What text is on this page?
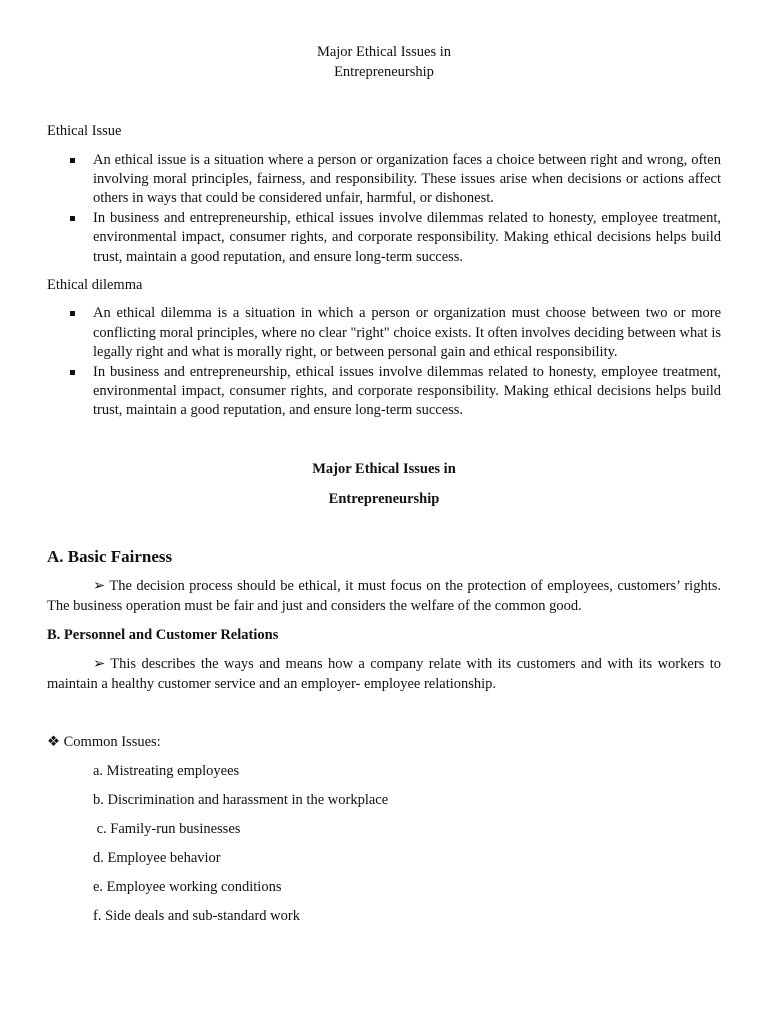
Major Ethical Issues in
Entrepreneurship

Ethical Issue

An ethical issue is a situation where a person or organization faces a choice between right and wrong, often involving moral principles, fairness, and responsibility. These issues arise when decisions or actions affect others in ways that could be considered unfair, harmful, or dishonest.
In business and entrepreneurship, ethical issues involve dilemmas related to honesty, employee treatment, environmental impact, consumer rights, and corporate responsibility. Making ethical decisions helps build trust, maintain a good reputation, and ensure long-term success.

Ethical dilemma

An ethical dilemma is a situation in which a person or organization must choose between two or more conflicting moral principles, where no clear "right" choice exists. It often involves deciding between what is legally right and what is morally right, or between personal gain and ethical responsibility.
In business and entrepreneurship, ethical issues involve dilemmas related to honesty, employee treatment, environmental impact, consumer rights, and corporate responsibility. Making ethical decisions helps build trust, maintain a good reputation, and ensure long-term success.

Major Ethical Issues in

Entrepreneurship

A. Basic Fairness

➢ The decision process should be ethical, it must focus on the protection of employees, customers’ rights. The business operation must be fair and just and considers the welfare of the common good.

B. Personnel and Customer Relations

➢ This describes the ways and means how a company relate with its customers and with its workers to maintain a healthy customer service and an employer- employee relationship.

❖ Common Issues:

a. Mistreating employees

b. Discrimination and harassment in the workplace

c. Family-run businesses

d. Employee behavior

e. Employee working conditions

f. Side deals and sub-standard work
